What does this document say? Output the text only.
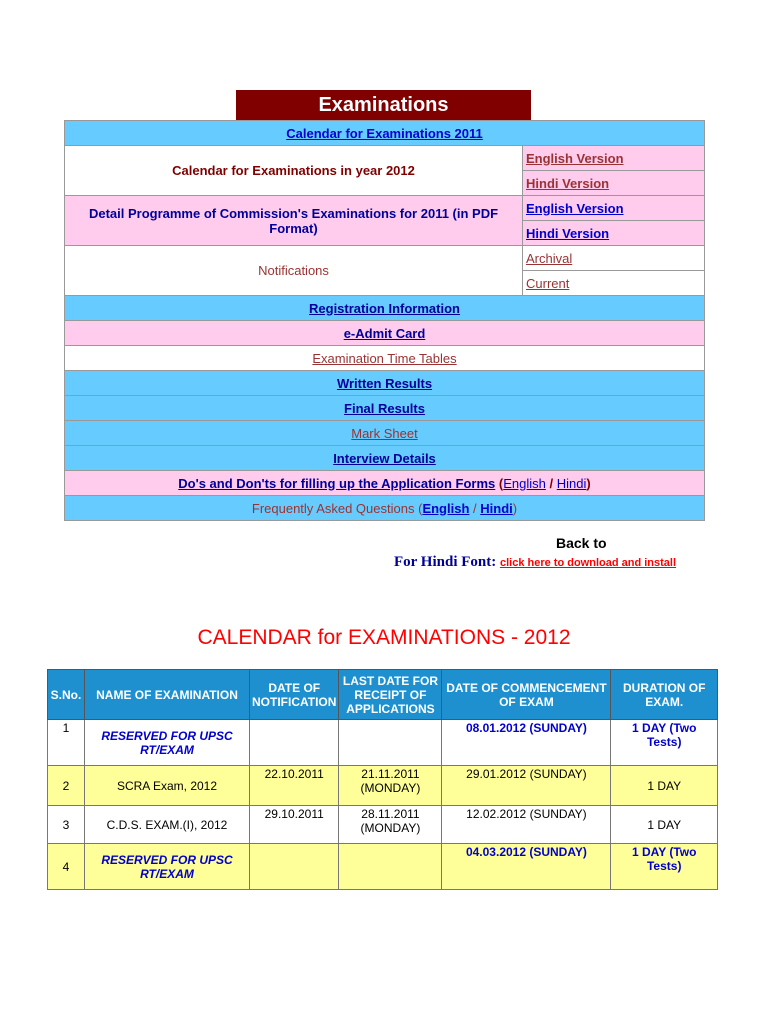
Examinations
Calendar for Examinations 2011	
Calendar for Examinations in year 2012	English Version
	Hindi Version
Detail Programme of Commission's Examinations for 2011 (in PDF Format)	English Version
	Hindi Version
Notifications	Archival
	Current
Registration Information	
e-Admit Card	
Examination Time Tables	
Written Results	
Final Results	
Mark Sheet	
Interview Details	
Do's and Don'ts for filling up the Application Forms (English / Hindi)	
Frequently Asked Questions (English / Hindi)	
Back to
For Hindi Font: click here to download and install
CALENDAR for EXAMINATIONS - 2012
S.No.	NAME OF EXAMINATION	DATE OF NOTIFICATION	LAST DATE FOR RECEIPT OF APPLICATIONS	DATE OF COMMENCEMENT OF EXAM	DURATION OF EXAM.
1	RESERVED FOR UPSC RT/EXAM			08.01.2012 (SUNDAY)	1 DAY (Two Tests)
2	SCRA Exam, 2012	22.10.2011	21.11.2011 (MONDAY)	29.01.2012 (SUNDAY)	1 DAY
3	C.D.S. EXAM.(I), 2012	29.10.2011	28.11.2011 (MONDAY)	12.02.2012 (SUNDAY)	1 DAY
4	RESERVED FOR UPSC RT/EXAM			04.03.2012 (SUNDAY)	1 DAY (Two Tests)
